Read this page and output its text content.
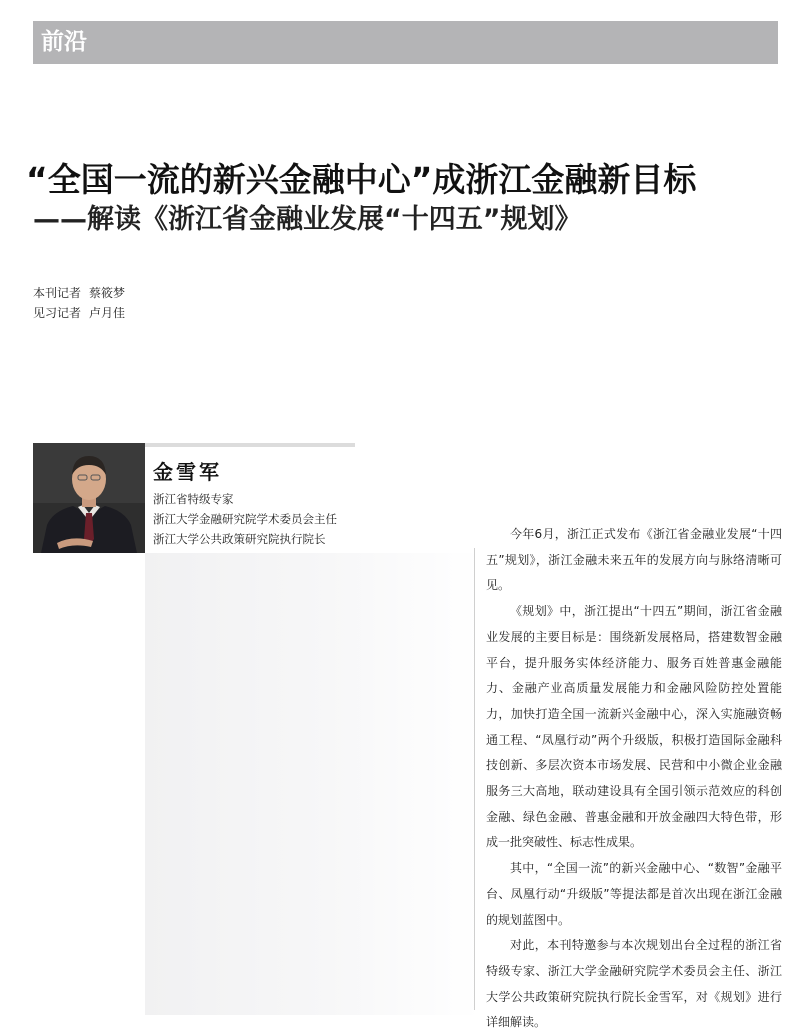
前沿
“全国一流的新兴金融中心”成浙江金融新目标
——解读《浙江省金融业发展“十四五”规划》
本刊记者 蔡筱梦
见习记者 卢月佳
金雪军
浙江省特级专家
浙江大学金融研究院学术委员会主任
浙江大学公共政策研究院执行院长	今年6月，浙江正式发布《浙江省金融业发展“十四五”规划》，浙江金融未来五年的发展方向与脉络清晰可见。

《规划》中，浙江提出“十四五”期间，浙江省金融业发展的主要目标是：围绕新发展格局，搭建数智金融平台，提升服务实体经济能力、服务百姓普惠金融能力、金融产业高质量发展能力和金融风险防控处置能力，加快打造全国一流新兴金融中心，深入实施融资畅通工程、“凤凰行动”两个升级版，积极打造国际金融科技创新、多层次资本市场发展、民营和中小微企业金融服务三大高地，联动建设具有全国引领示范效应的科创金融、绿色金融、普惠金融和开放金融四大特色带，形成一批突破性、标志性成果。

其中，“全国一流”的新兴金融中心、“数智”金融平台、凤凰行动“升级版”等提法都是首次出现在浙江金融的规划蓝图中。

对此，本刊特邀参与本次规划出台全过程的浙江省特级专家、浙江大学金融研究院学术委员会主任、浙江大学公共政策研究院执行院长金雪军，对《规划》进行详细解读。
